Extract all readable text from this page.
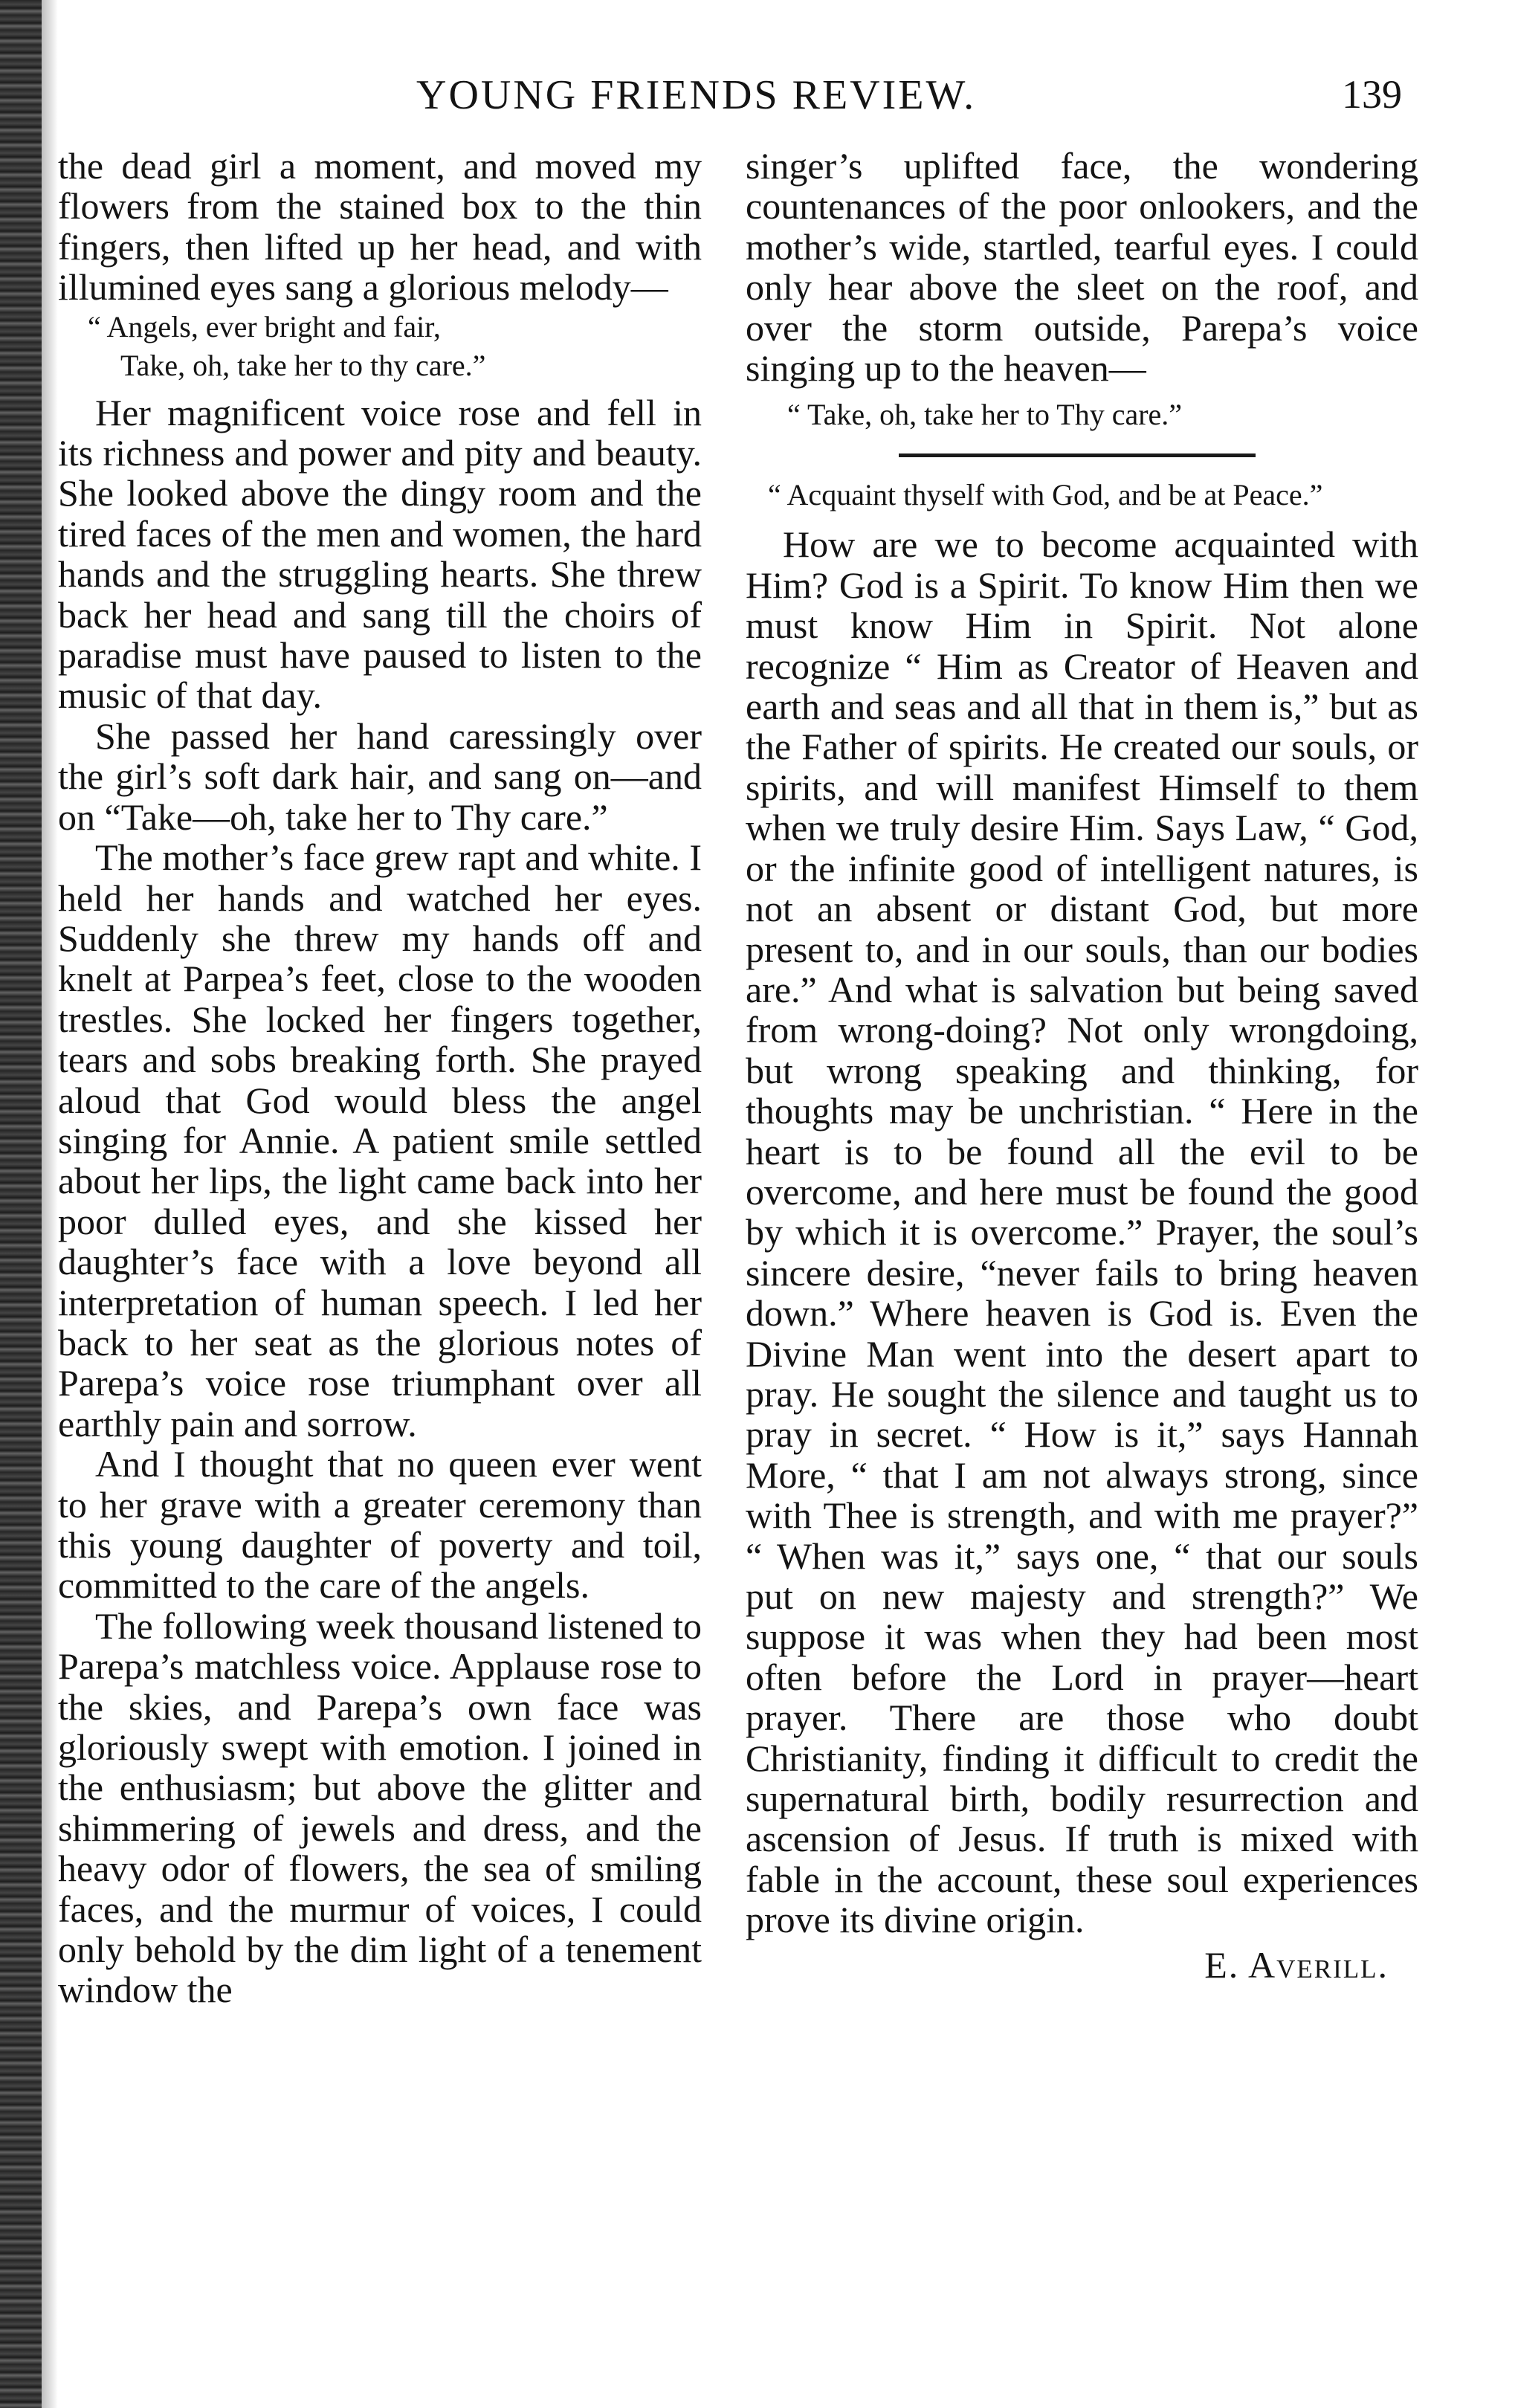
YOUNG FRIENDS REVIEW.	139

the dead girl a moment, and moved my flowers from the stained box to the thin fingers, then lifted up her head, and with illumined eyes sang a glorious melody—

“ Angels, ever bright and fair,
Take, oh, take her to thy care.”

Her magnificent voice rose and fell in its richness and power and pity and beauty. She looked above the dingy room and the tired faces of the men and women, the hard hands and the struggling hearts. She threw back her head and sang till the choirs of paradise must have paused to listen to the music of that day.

She passed her hand caressingly over the girl’s soft dark hair, and sang on—and on “Take—oh, take her to Thy care.”

The mother’s face grew rapt and white. I held her hands and watched her eyes. Suddenly she threw my hands off and knelt at Parpea’s feet, close to the wooden trestles. She locked her fingers together, tears and sobs breaking forth. She prayed aloud that God would bless the angel singing for Annie. A patient smile settled about her lips, the light came back into her poor dulled eyes, and she kissed her daughter’s face with a love beyond all interpretation of human speech. I led her back to her seat as the glorious notes of Parepa’s voice rose triumphant over all earthly pain and sorrow.

And I thought that no queen ever went to her grave with a greater ceremony than this young daughter of poverty and toil, committed to the care of the angels.

The following week thousand listened to Parepa’s matchless voice. Applause rose to the skies, and Parepa’s own face was gloriously swept with emotion. I joined in the enthusiasm; but above the glitter and shimmering of jewels and dress, and the heavy odor of flowers, the sea of smiling faces, and the murmur of voices, I could only behold by the dim light of a tenement window the

singer’s uplifted face, the wondering countenances of the poor onlookers, and the mother’s wide, startled, tearful eyes. I could only hear above the sleet on the roof, and over the storm outside, Parepa’s voice singing up to the heaven—

“ Take, oh, take her to Thy care.”
“ Acquaint thyself with God, and be at Peace.”

How are we to become acquainted with Him? God is a Spirit. To know Him then we must know Him in Spirit. Not alone recognize “ Him as Creator of Heaven and earth and seas and all that in them is,” but as the Father of spirits. He created our souls, or spirits, and will manifest Himself to them when we truly desire Him. Says Law, “ God, or the infinite good of intelligent natures, is not an absent or distant God, but more present to, and in our souls, than our bodies are.” And what is salvation but being saved from wrong-doing? Not only wrongdoing, but wrong speaking and thinking, for thoughts may be unchristian. “ Here in the heart is to be found all the evil to be overcome, and here must be found the good by which it is overcome.” Prayer, the soul’s sincere desire, “never fails to bring heaven down.” Where heaven is God is. Even the Divine Man went into the desert apart to pray. He sought the silence and taught us to pray in secret. “ How is it,” says Hannah More, “ that I am not always strong, since with Thee is strength, and with me prayer?” “ When was it,” says one, “ that our souls put on new majesty and strength?” We suppose it was when they had been most often before the Lord in prayer—heart prayer. There are those who doubt Christianity, finding it difficult to credit the supernatural birth, bodily resurrection and ascension of Jesus. If truth is mixed with fable in the account, these soul experiences prove its divine origin.

E. Averill.
